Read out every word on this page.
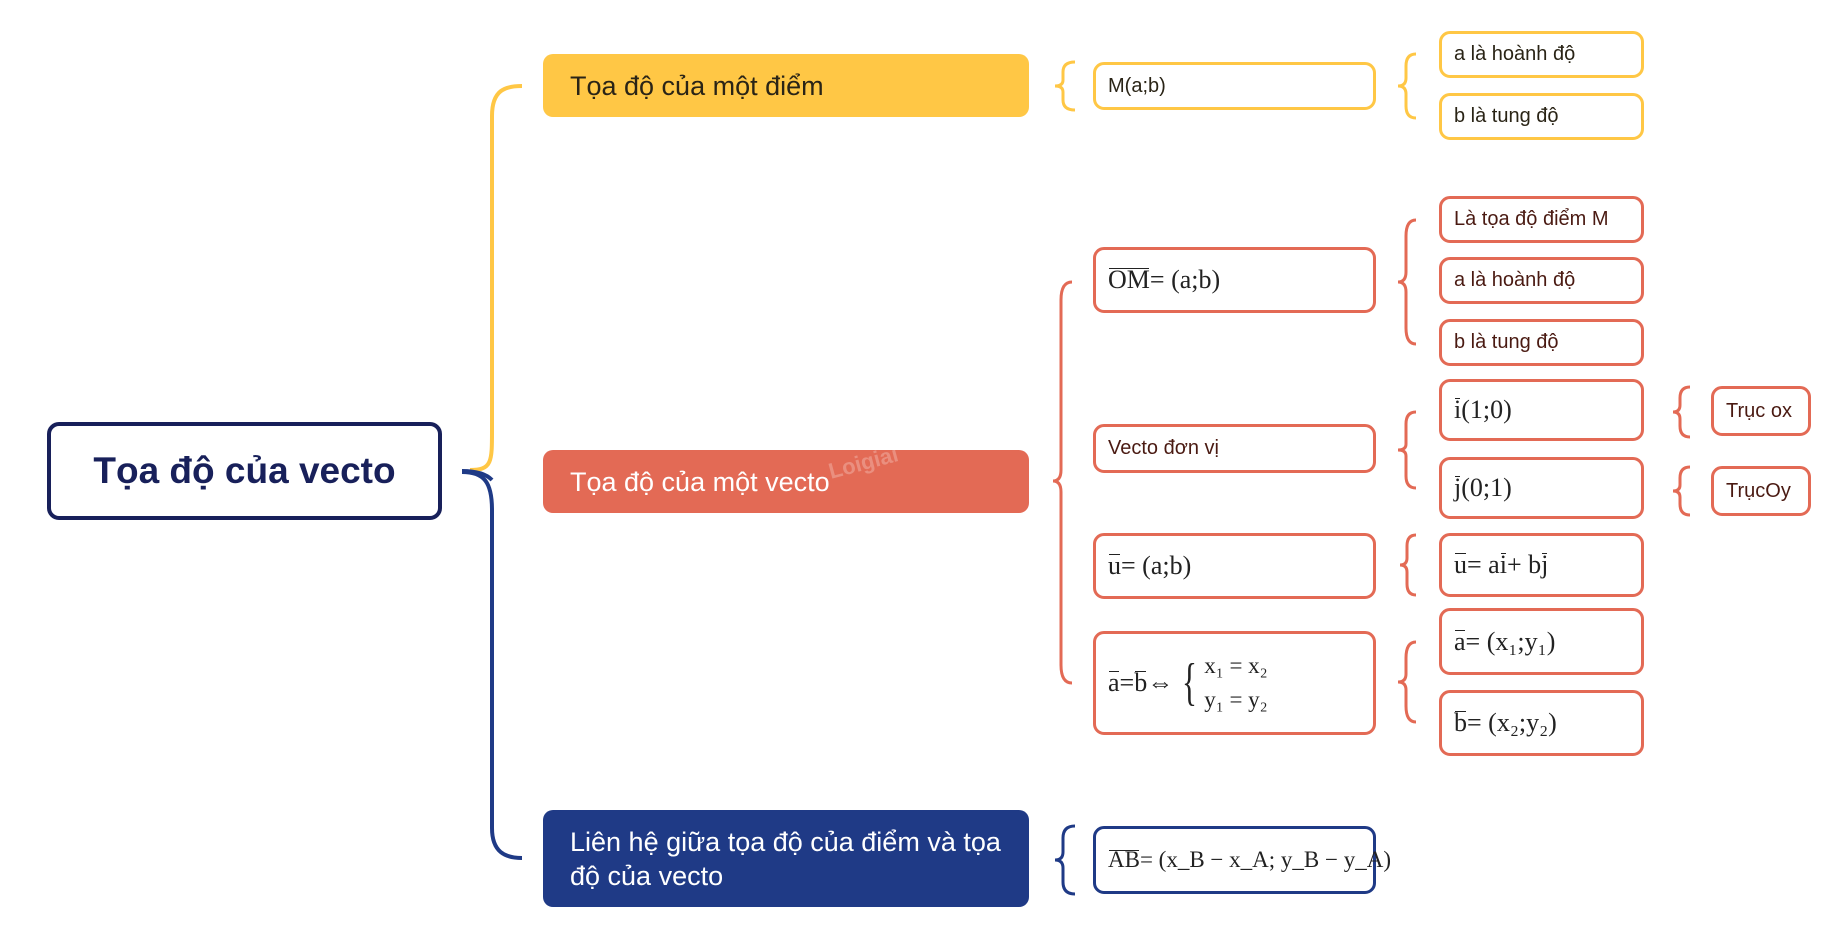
Tọa độ của vecto
Tọa độ của một điểm
Tọa độ của một vecto
Liên hệ giữa tọa độ của điểm và tọa độ của vecto
Loigiai
M(a;b)
a là hoành độ
b là tung độ
OM = (a;b)
Là tọa độ điểm M
a là hoành độ
b là tung độ
Vecto đơn vị
i (1;0)
j (0;1)
Trục ox
TrụcOy
u = (a;b)	u = a i + b j
a = b ⇔ { x₁ = x₂
y₁ = y₂
a = (x₁;y₁)
b = (x₂;y₂)
AB = (x_B − x_A; y_B − y_A)
